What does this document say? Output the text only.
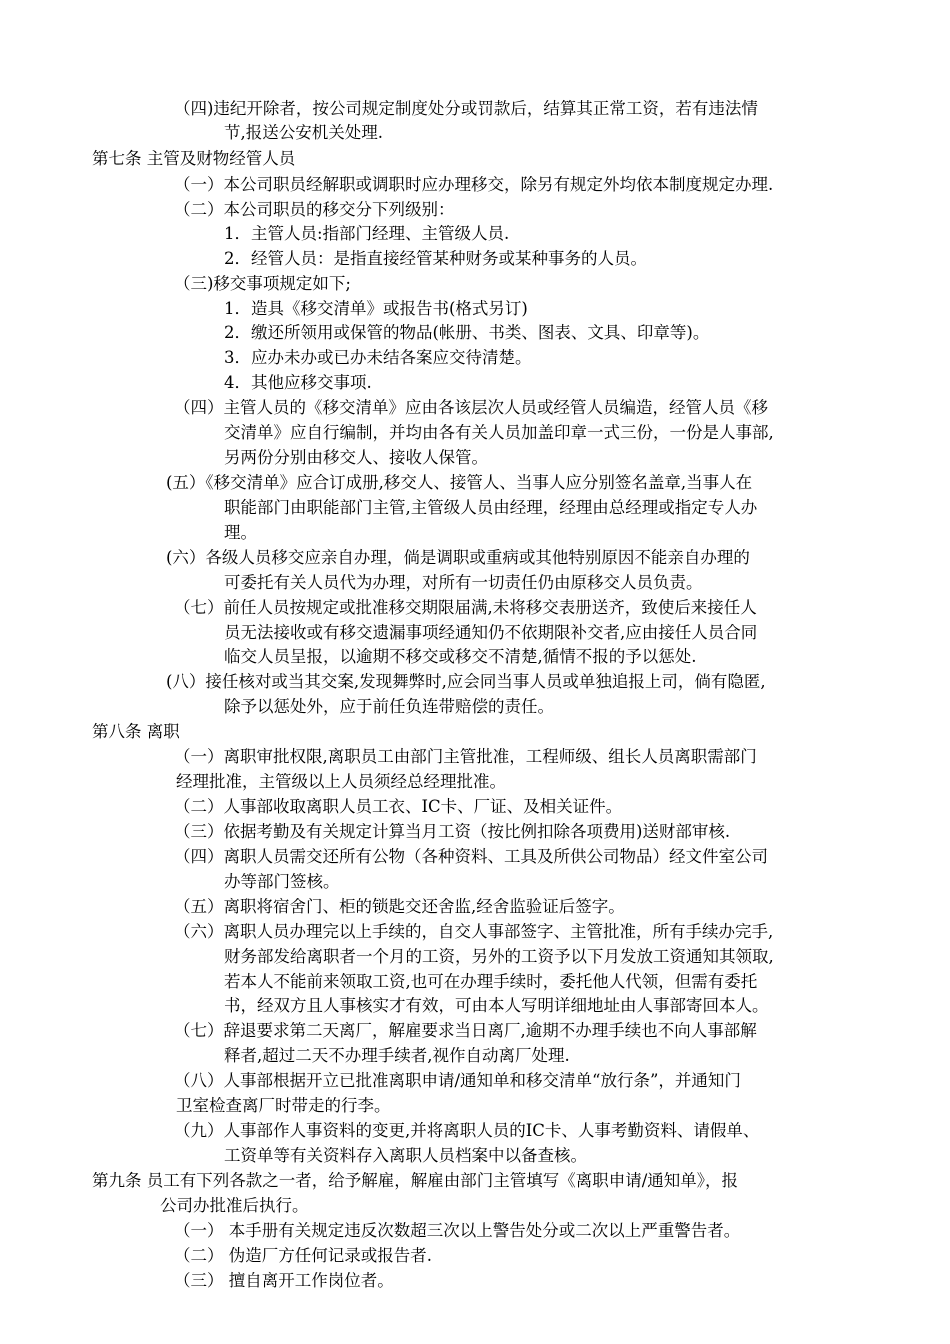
（四)违纪开除者，按公司规定制度处分或罚款后，结算其正常工资，若有违法情
节,报送公安机关处理.
第七条 主管及财物经管人员
（一）本公司职员经解职或调职时应办理移交，除另有规定外均依本制度规定办理.
（二）本公司职员的移交分下列级别：
1．主管人员:指部门经理、主管级人员.
2．经管人员：是指直接经管某种财务或某种事务的人员。
（三)移交事项规定如下;
1．造具《移交清单》或报告书(格式另订)
2．缴还所领用或保管的物品(帐册、书类、图表、文具、印章等)。
3．应办未办或已办未结各案应交待清楚。
4．其他应移交事项.
（四）主管人员的《移交清单》应由各该层次人员或经管人员编造，经管人员《移
交清单》应自行编制，并均由各有关人员加盖印章一式三份，一份是人事部,
另两份分别由移交人、接收人保管。
(五）《移交清单》应合订成册,移交人、接管人、当事人应分别签名盖章,当事人在
职能部门由职能部门主管,主管级人员由经理，经理由总经理或指定专人办
理。
(六）各级人员移交应亲自办理，倘是调职或重病或其他特别原因不能亲自办理的
可委托有关人员代为办理，对所有一切责任仍由原移交人员负责。
（七）前任人员按规定或批准移交期限届满,未将移交表册送齐，致使后来接任人
员无法接收或有移交遗漏事项经通知仍不依期限补交者,应由接任人员合同
临交人员呈报，以逾期不移交或移交不清楚,循情不报的予以惩处.
(八）接任核对或当其交案,发现舞弊时,应会同当事人员或单独追报上司，倘有隐匿,
除予以惩处外，应于前任负连带赔偿的责任。
第八条 离职
（一）离职审批权限,离职员工由部门主管批准，工程师级、组长人员离职需部门
经理批准，主管级以上人员须经总经理批准。
（二）人事部收取离职人员工衣、IC卡、厂证、及相关证件。
（三）依据考勤及有关规定计算当月工资（按比例扣除各项费用)送财部审核.
（四）离职人员需交还所有公物（各种资料、工具及所供公司物品）经文件室公司
办等部门签核。
（五）离职将宿舍门、柜的锁匙交还舍监,经舍监验证后签字。
（六）离职人员办理完以上手续的，自交人事部签字、主管批准，所有手续办完手,
财务部发给离职者一个月的工资，另外的工资予以下月发放工资通知其领取,
若本人不能前来领取工资,也可在办理手续时，委托他人代领，但需有委托
书，经双方且人事核实才有效，可由本人写明详细地址由人事部寄回本人。
（七）辞退要求第二天离厂，解雇要求当日离厂,逾期不办理手续也不向人事部解
释者,超过二天不办理手续者,视作自动离厂处理.
（八）人事部根据开立已批准离职申请/通知单和移交清单“放行条”，并通知门
卫室检查离厂时带走的行李。
（九）人事部作人事资料的变更,并将离职人员的IC卡、人事考勤资料、请假单、
工资单等有关资料存入离职人员档案中以备查核。
第九条 员工有下列各款之一者，给予解雇，解雇由部门主管填写《离职申请/通知单》，报
公司办批准后执行。
（一） 本手册有关规定违反次数超三次以上警告处分或二次以上严重警告者。
（二） 伪造厂方任何记录或报告者.
（三） 擅自离开工作岗位者。
